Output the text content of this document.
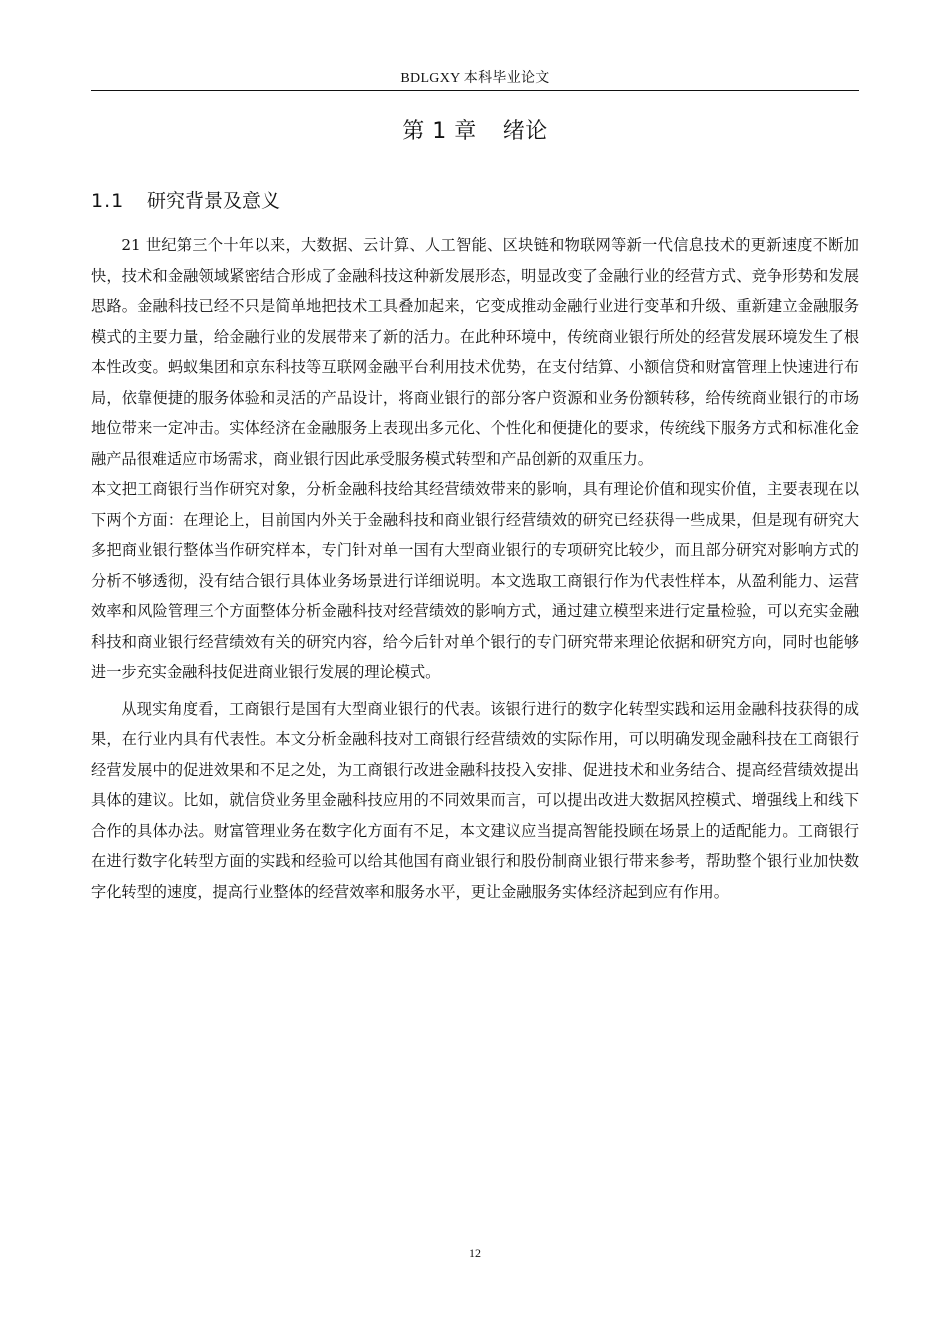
BDLGXY 本科毕业论文
第 1 章 绪论
1.1 研究背景及意义

21 世纪第三个十年以来，大数据、云计算、人工智能、区块链和物联网等新一代信息技术的更新速度不断加快，技术和金融领域紧密结合形成了金融科技这种新发展形态，明显改变了金融行业的经营方式、竞争形势和发展思路。金融科技已经不只是简单地把技术工具叠加起来，它变成推动金融行业进行变革和升级、重新建立金融服务模式的主要力量，给金融行业的发展带来了新的活力。在此种环境中，传统商业银行所处的经营发展环境发生了根本性改变。蚂蚁集团和京东科技等互联网金融平台利用技术优势，在支付结算、小额信贷和财富管理上快速进行布局，依靠便捷的服务体验和灵活的产品设计，将商业银行的部分客户资源和业务份额转移，给传统商业银行的市场地位带来一定冲击。实体经济在金融服务上表现出多元化、个性化和便捷化的要求，传统线下服务方式和标准化金融产品很难适应市场需求，商业银行因此承受服务模式转型和产品创新的双重压力。

本文把工商银行当作研究对象，分析金融科技给其经营绩效带来的影响，具有理论价值和现实价值，主要表现在以下两个方面：在理论上，目前国内外关于金融科技和商业银行经营绩效的研究已经获得一些成果，但是现有研究大多把商业银行整体当作研究样本，专门针对单一国有大型商业银行的专项研究比较少，而且部分研究对影响方式的分析不够透彻，没有结合银行具体业务场景进行详细说明。本文选取工商银行作为代表性样本，从盈利能力、运营效率和风险管理三个方面整体分析金融科技对经营绩效的影响方式，通过建立模型来进行定量检验，可以充实金融科技和商业银行经营绩效有关的研究内容，给今后针对单个银行的专门研究带来理论依据和研究方向，同时也能够进一步充实金融科技促进商业银行发展的理论模式。

从现实角度看，工商银行是国有大型商业银行的代表。该银行进行的数字化转型实践和运用金融科技获得的成果，在行业内具有代表性。本文分析金融科技对工商银行经营绩效的实际作用，可以明确发现金融科技在工商银行经营发展中的促进效果和不足之处，为工商银行改进金融科技投入安排、促进技术和业务结合、提高经营绩效提出具体的建议。比如，就信贷业务里金融科技应用的不同效果而言，可以提出改进大数据风控模式、增强线上和线下合作的具体办法。财富管理业务在数字化方面有不足，本文建议应当提高智能投顾在场景上的适配能力。工商银行在进行数字化转型方面的实践和经验可以给其他国有商业银行和股份制商业银行带来参考，帮助整个银行业加快数字化转型的速度，提高行业整体的经营效率和服务水平，更让金融服务实体经济起到应有作用。

12
